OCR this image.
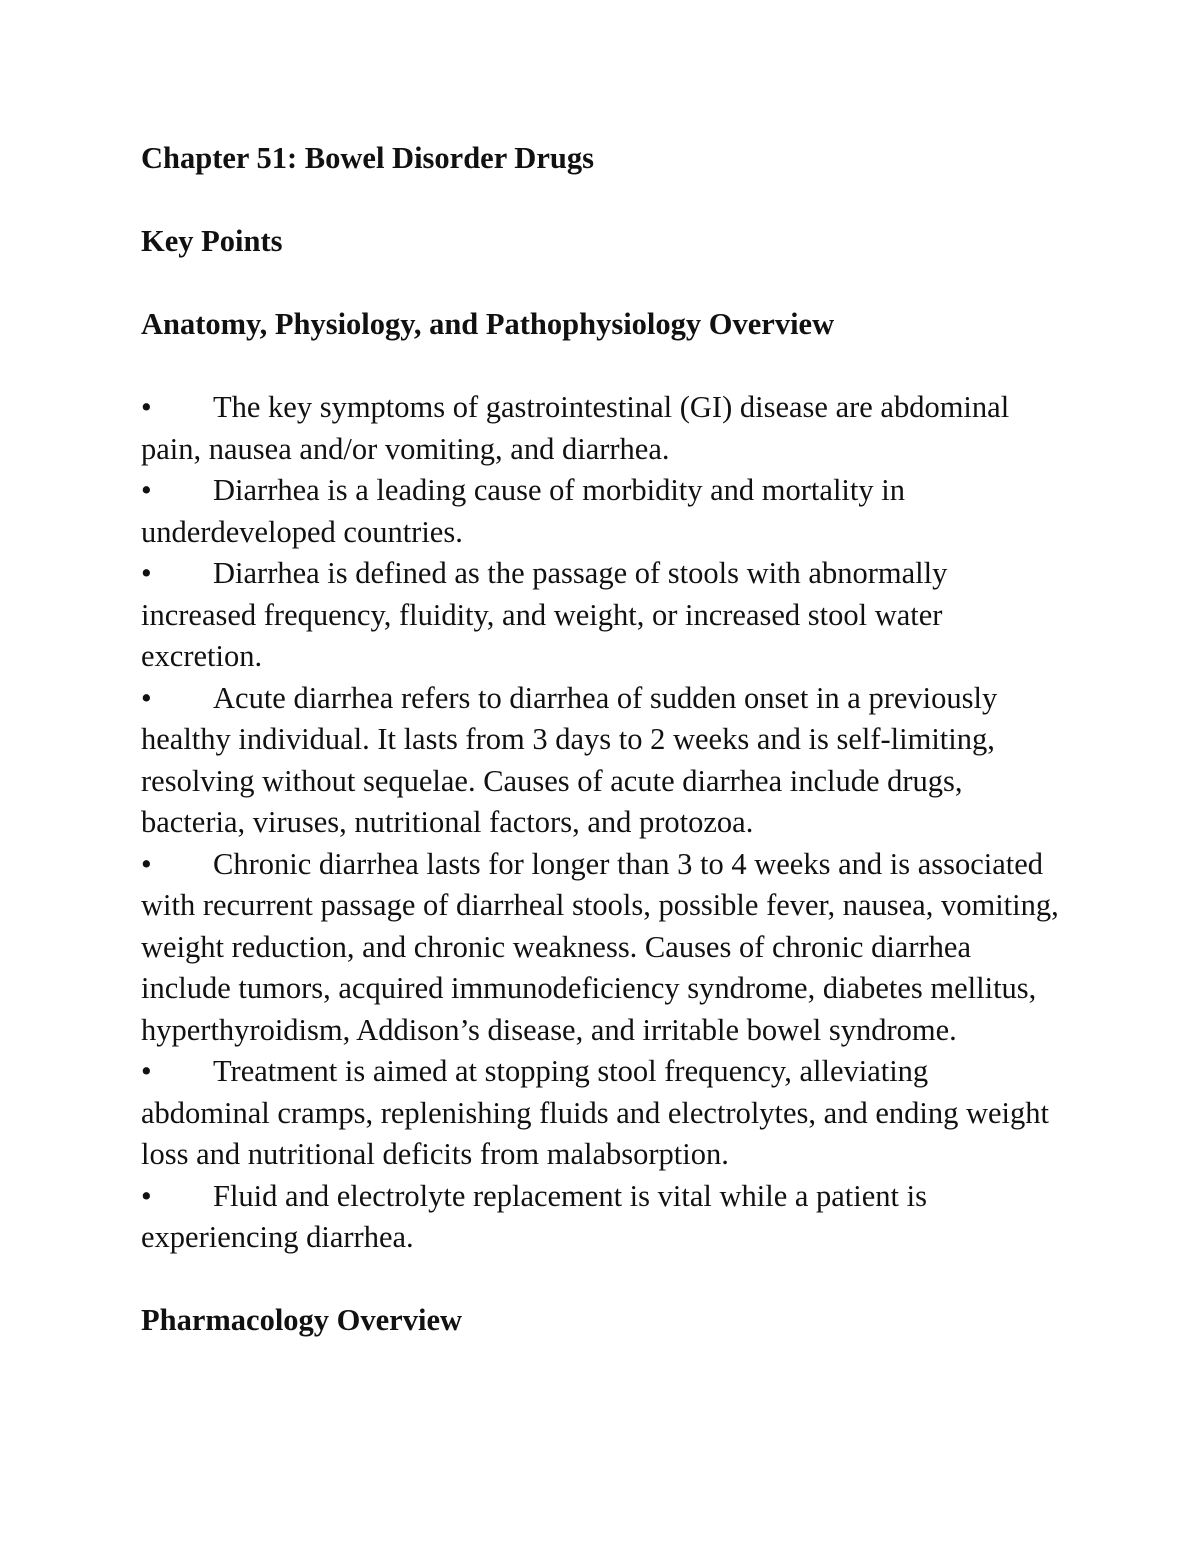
Chapter 51: Bowel Disorder Drugs

Key Points

Anatomy, Physiology, and Pathophysiology Overview

• The key symptoms of gastrointestinal (GI) disease are abdominal pain, nausea and/or vomiting, and diarrhea.
• Diarrhea is a leading cause of morbidity and mortality in underdeveloped countries.
• Diarrhea is defined as the passage of stools with abnormally increased frequency, fluidity, and weight, or increased stool water excretion.
• Acute diarrhea refers to diarrhea of sudden onset in a previously healthy individual. It lasts from 3 days to 2 weeks and is self-limiting, resolving without sequelae. Causes of acute diarrhea include drugs, bacteria, viruses, nutritional factors, and protozoa.
• Chronic diarrhea lasts for longer than 3 to 4 weeks and is associated with recurrent passage of diarrheal stools, possible fever, nausea, vomiting, weight reduction, and chronic weakness. Causes of chronic diarrhea include tumors, acquired immunodeficiency syndrome, diabetes mellitus, hyperthyroidism, Addison’s disease, and irritable bowel syndrome.
• Treatment is aimed at stopping stool frequency, alleviating abdominal cramps, replenishing fluids and electrolytes, and ending weight loss and nutritional deficits from malabsorption.
• Fluid and electrolyte replacement is vital while a patient is experiencing diarrhea.

Pharmacology Overview
